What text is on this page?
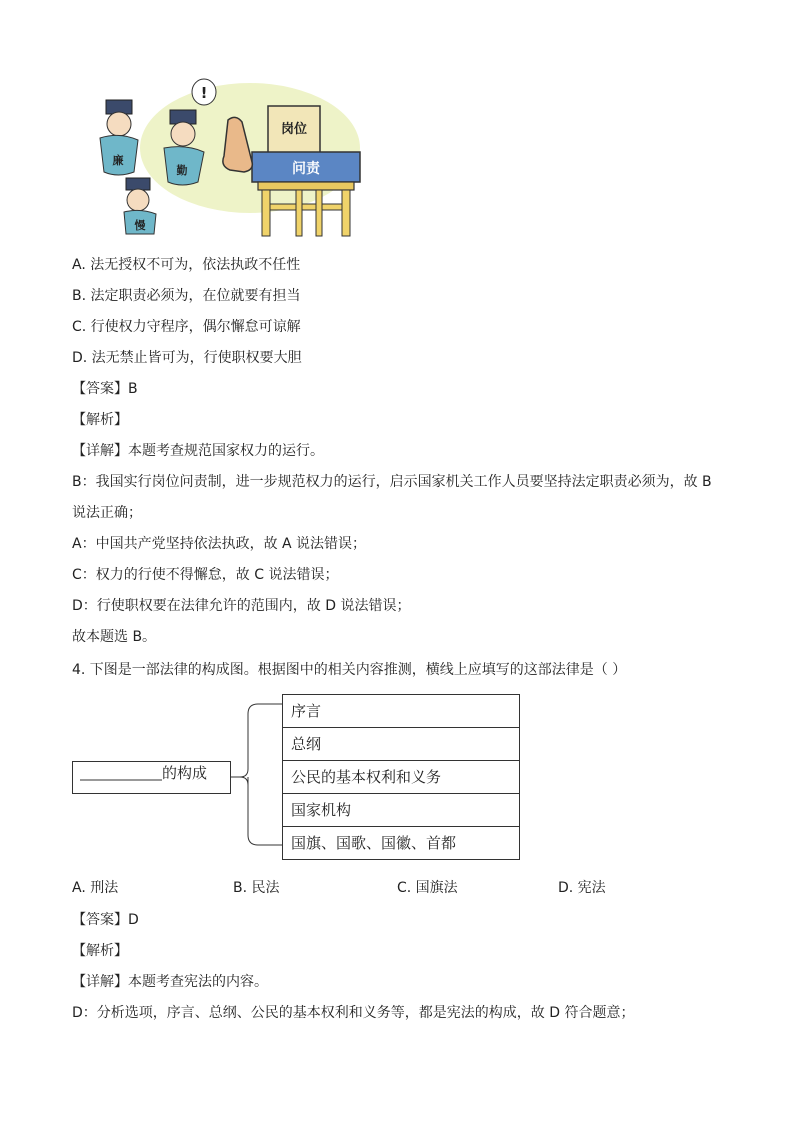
岗位
问责
廉
勤
!
慢
A. 法无授权不可为，依法执政不任性
B. 法定职责必须为，在位就要有担当
C. 行使权力守程序，偶尔懈怠可谅解
D. 法无禁止皆可为，行使职权要大胆
【答案】B
【解析】
【详解】本题考查规范国家权力的运行。
B：我国实行岗位问责制，进一步规范权力的运行，启示国家机关工作人员要坚持法定职责必须为，故 B
说法正确；
A：中国共产党坚持依法执政，故 A 说法错误；
C：权力的行使不得懈怠，故 C 说法错误；
D：行使职权要在法律允许的范围内，故 D 说法错误；
故本题选 B。
4. 下图是一部法律的构成图。根据图中的相关内容推测，横线上应填写的这部法律是（ ）
的构成
序言
总纲
公民的基本权利和义务
国家机构
国旗、国歌、国徽、首都
A. 刑法	B. 民法	C. 国旗法	D. 宪法
【答案】D
【解析】
【详解】本题考查宪法的内容。
D：分析选项，序言、总纲、公民的基本权利和义务等，都是宪法的构成，故 D 符合题意；
